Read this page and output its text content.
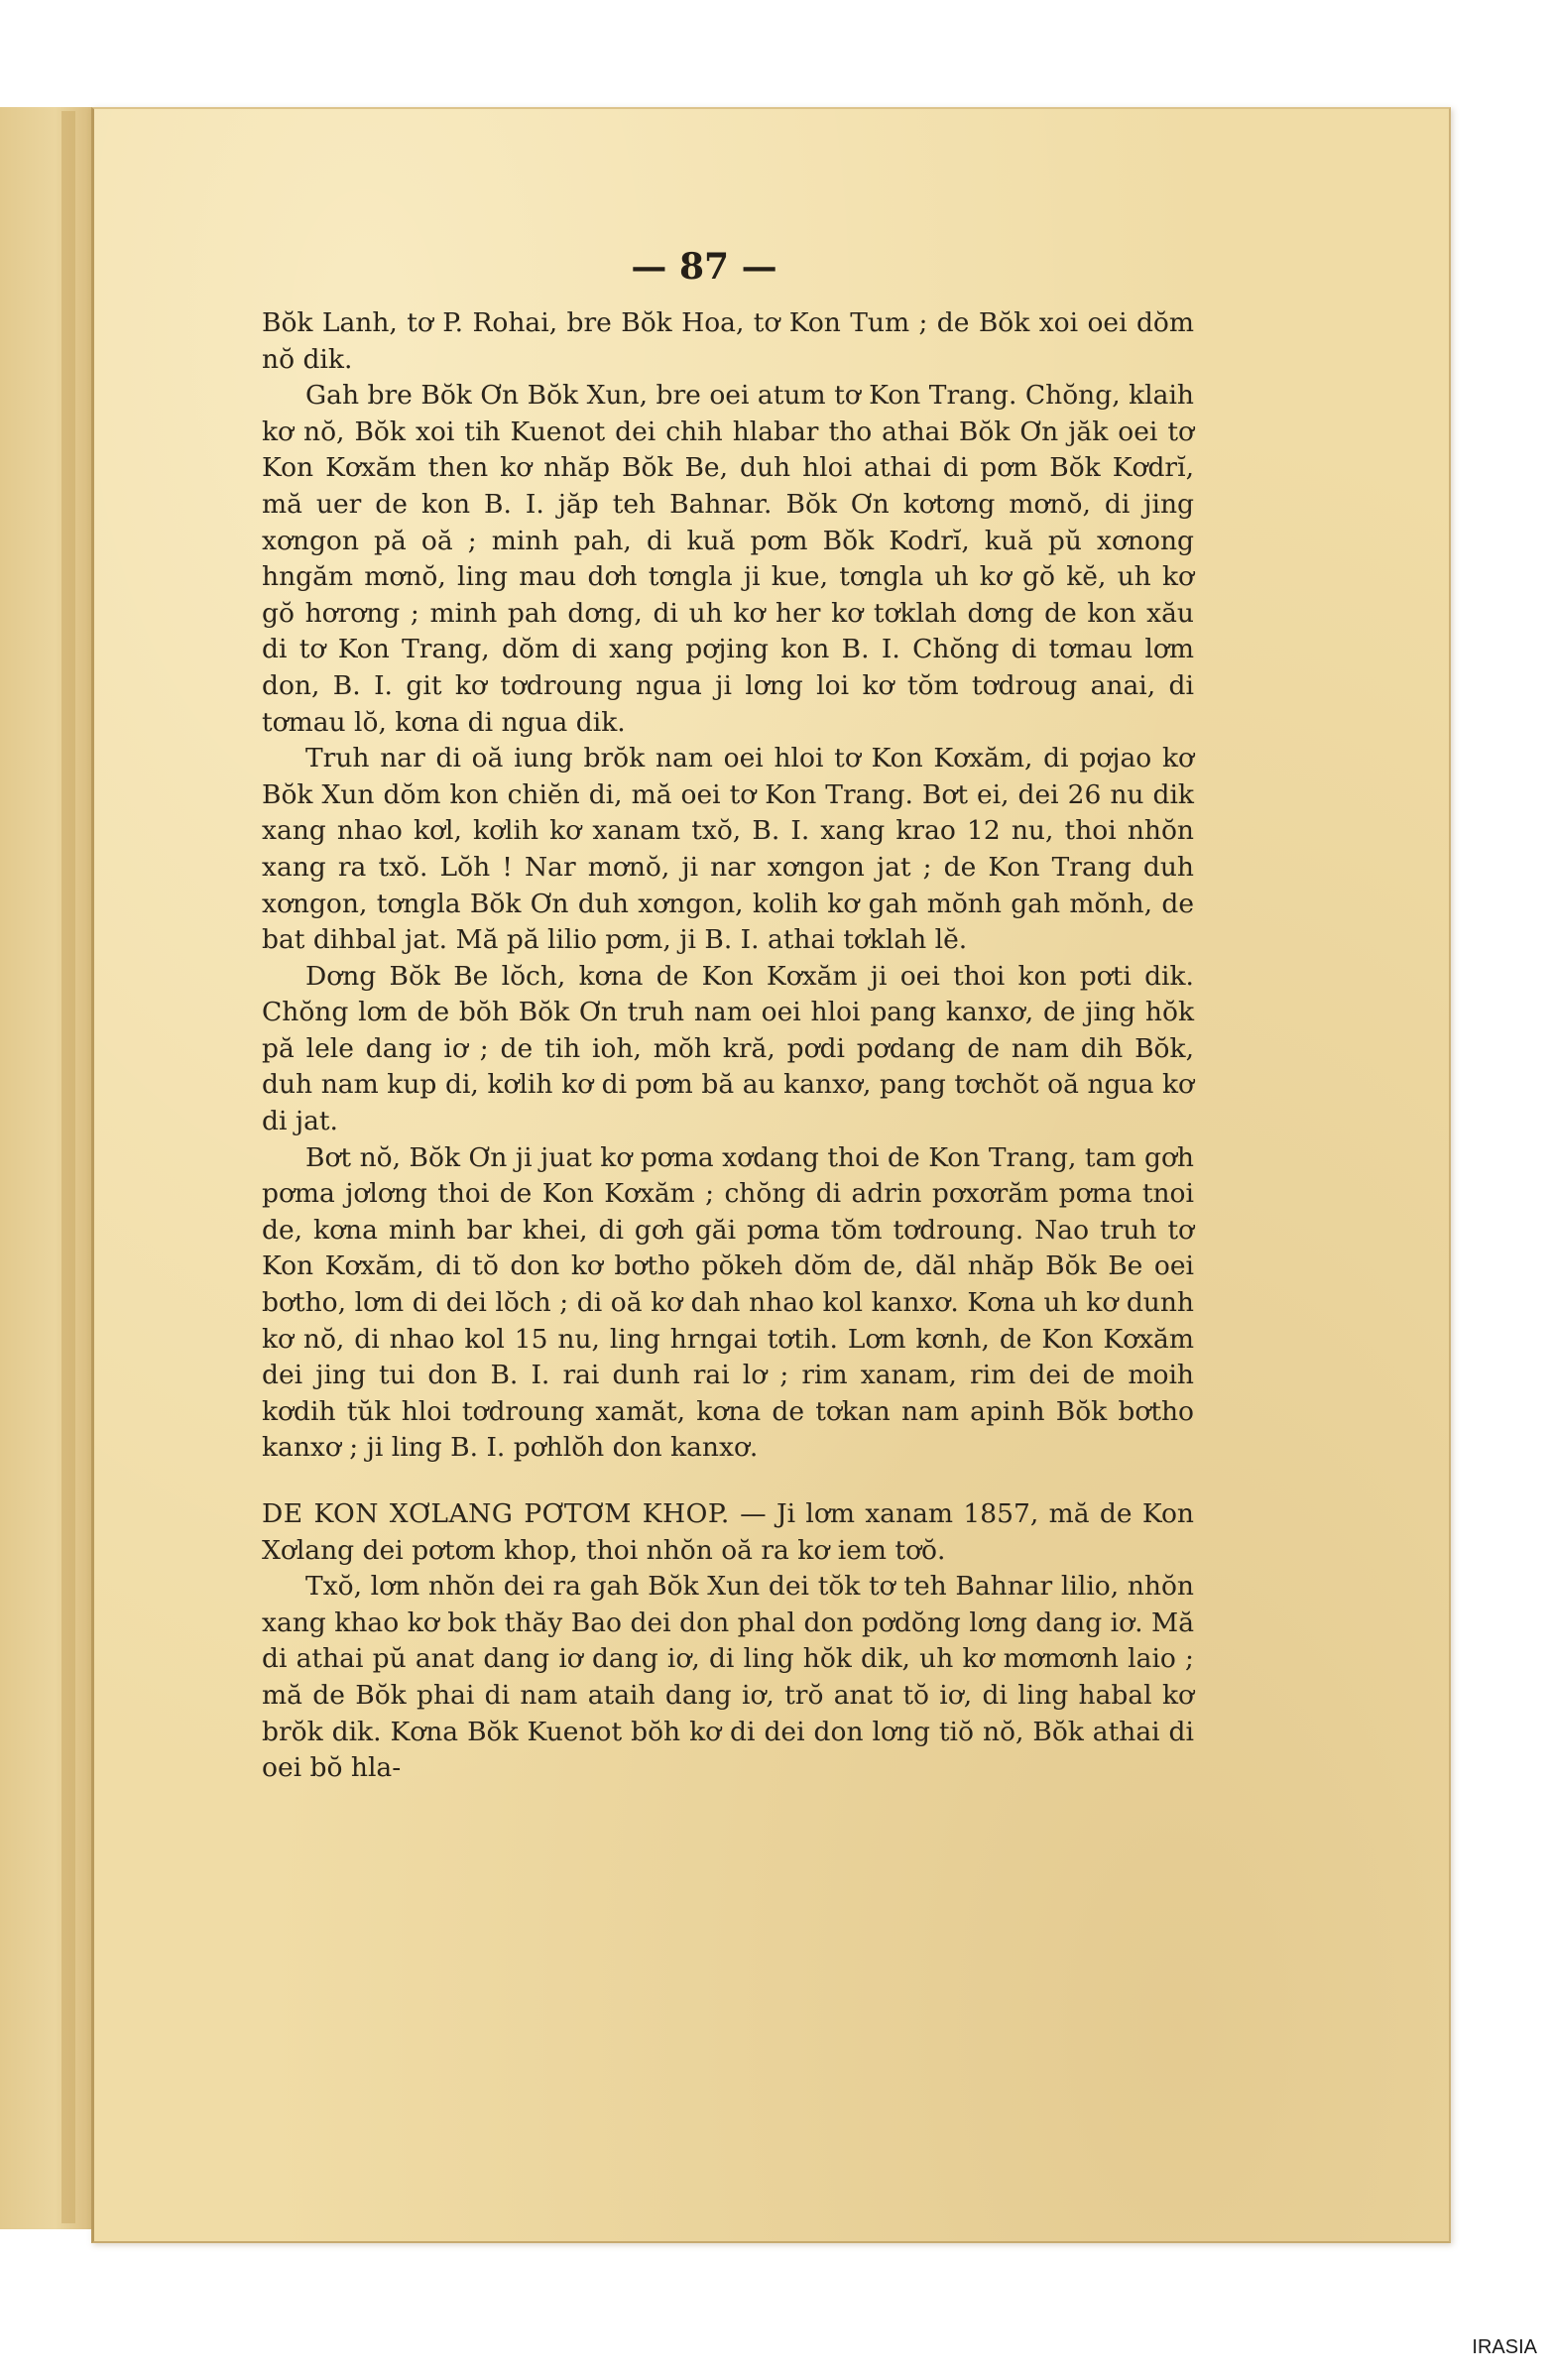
— 87 —

Bŏk Lanh, tơ P. Rohai, bre Bŏk Hoa, tơ Kon Tum ; de Bŏk xoi oei dŏm nŏ dik.

Gah bre Bŏk Ơn Bŏk Xun, bre oei atum tơ Kon Trang. Chŏng, klaih kơ nŏ, Bŏk xoi tih Kuenot dei chih hlabar tho athai Bŏk Ơn jăk oei tơ Kon Kơxăm then kơ nhăp Bŏk Be, duh hloi athai di pơm Bŏk Kơdrĭ, mă uer de kon B. I. jăp teh Bahnar. Bŏk Ơn kơtơng mơnŏ, di jing xơngon pă oă ; minh pah, di kuă pơm Bŏk Kodrĭ, kuă pŭ xơnong hngăm mơnŏ, ling mau dơh tơngla ji kue, tơngla uh kơ gŏ kĕ, uh kơ gŏ hơrơng ; minh pah dơng, di uh kơ her kơ tơklah dơng de kon xău di tơ Kon Trang, dŏm di xang pơjing kon B. I. Chŏng di tơmau lơm don, B. I. git kơ tơdroung ngua ji lơng loi kơ tŏm tơdroug anai, di tơmau lŏ, kơna di ngua dik.

Truh nar di oă iung brŏk nam oei hloi tơ Kon Kơxăm, di pơjao kơ Bŏk Xun dŏm kon chiĕn di, mă oei tơ Kon Trang. Bơt ei, dei 26 nu dik xang nhao kơl, kơlih kơ xanam txŏ, B. I. xang krao 12 nu, thoi nhŏn xang ra txŏ. Lŏh ! Nar mơnŏ, ji nar xơngon jat ; de Kon Trang duh xơngon, tơngla Bŏk Ơn duh xơngon, kolih kơ gah mŏnh gah mŏnh, de bat dihbal jat. Mă pă lilio pơm, ji B. I. athai tơklah lĕ.

Dơng Bŏk Be lŏch, kơna de Kon Kơxăm ji oei thoi kon pơti dik. Chŏng lơm de bŏh Bŏk Ơn truh nam oei hloi pang kanxơ, de jing hŏk pă lele dang iơ ; de tih ioh, mŏh kră, pơdi pơdang de nam dih Bŏk, duh nam kup di, kơlih kơ di pơm bă au kanxơ, pang tơchŏt oă ngua kơ di jat.

Bơt nŏ, Bŏk Ơn ji juat kơ pơma xơdang thoi de Kon Trang, tam gơh pơma jơlơng thoi de Kon Kơxăm ; chŏng di adrin pơxơrăm pơma tnoi de, kơna minh bar khei, di gơh găi pơma tŏm tơdroung. Nao truh tơ Kon Kơxăm, di tŏ don kơ bơtho pŏkeh dŏm de, dăl nhăp Bŏk Be oei bơtho, lơm di dei lŏch ; di oă kơ dah nhao kol kanxơ. Kơna uh kơ dunh kơ nŏ, di nhao kol 15 nu, ling hrngai tơtih. Lơm kơnh, de Kon Kơxăm dei jing tui don B. I. rai dunh rai lơ ; rim xanam, rim dei de moih kơdih tŭk hloi tơdroung xamăt, kơna de tơkan nam apinh Bŏk bơtho kanxơ ; ji ling B. I. pơhlŏh don kanxơ.

DE KON XƠLANG PƠTƠM KHOP. — Ji lơm xanam 1857, mă de Kon Xơlang dei pơtơm khop, thoi nhŏn oă ra kơ iem tơŏ.

Txŏ, lơm nhŏn dei ra gah Bŏk Xun dei tŏk tơ teh Bahnar lilio, nhŏn xang khao kơ bok thăy Bao dei don phal don pơdŏng lơng dang iơ. Mă di athai pŭ anat dang iơ dang iơ, di ling hŏk dik, uh kơ mơmơnh laio ; mă de Bŏk phai di nam ataih dang iơ, trŏ anat tŏ iơ, di ling habal kơ brŏk dik. Kơna Bŏk Kuenot bŏh kơ di dei don lơng tiŏ nŏ, Bŏk athai di oei bŏ hla-

IRASIA
